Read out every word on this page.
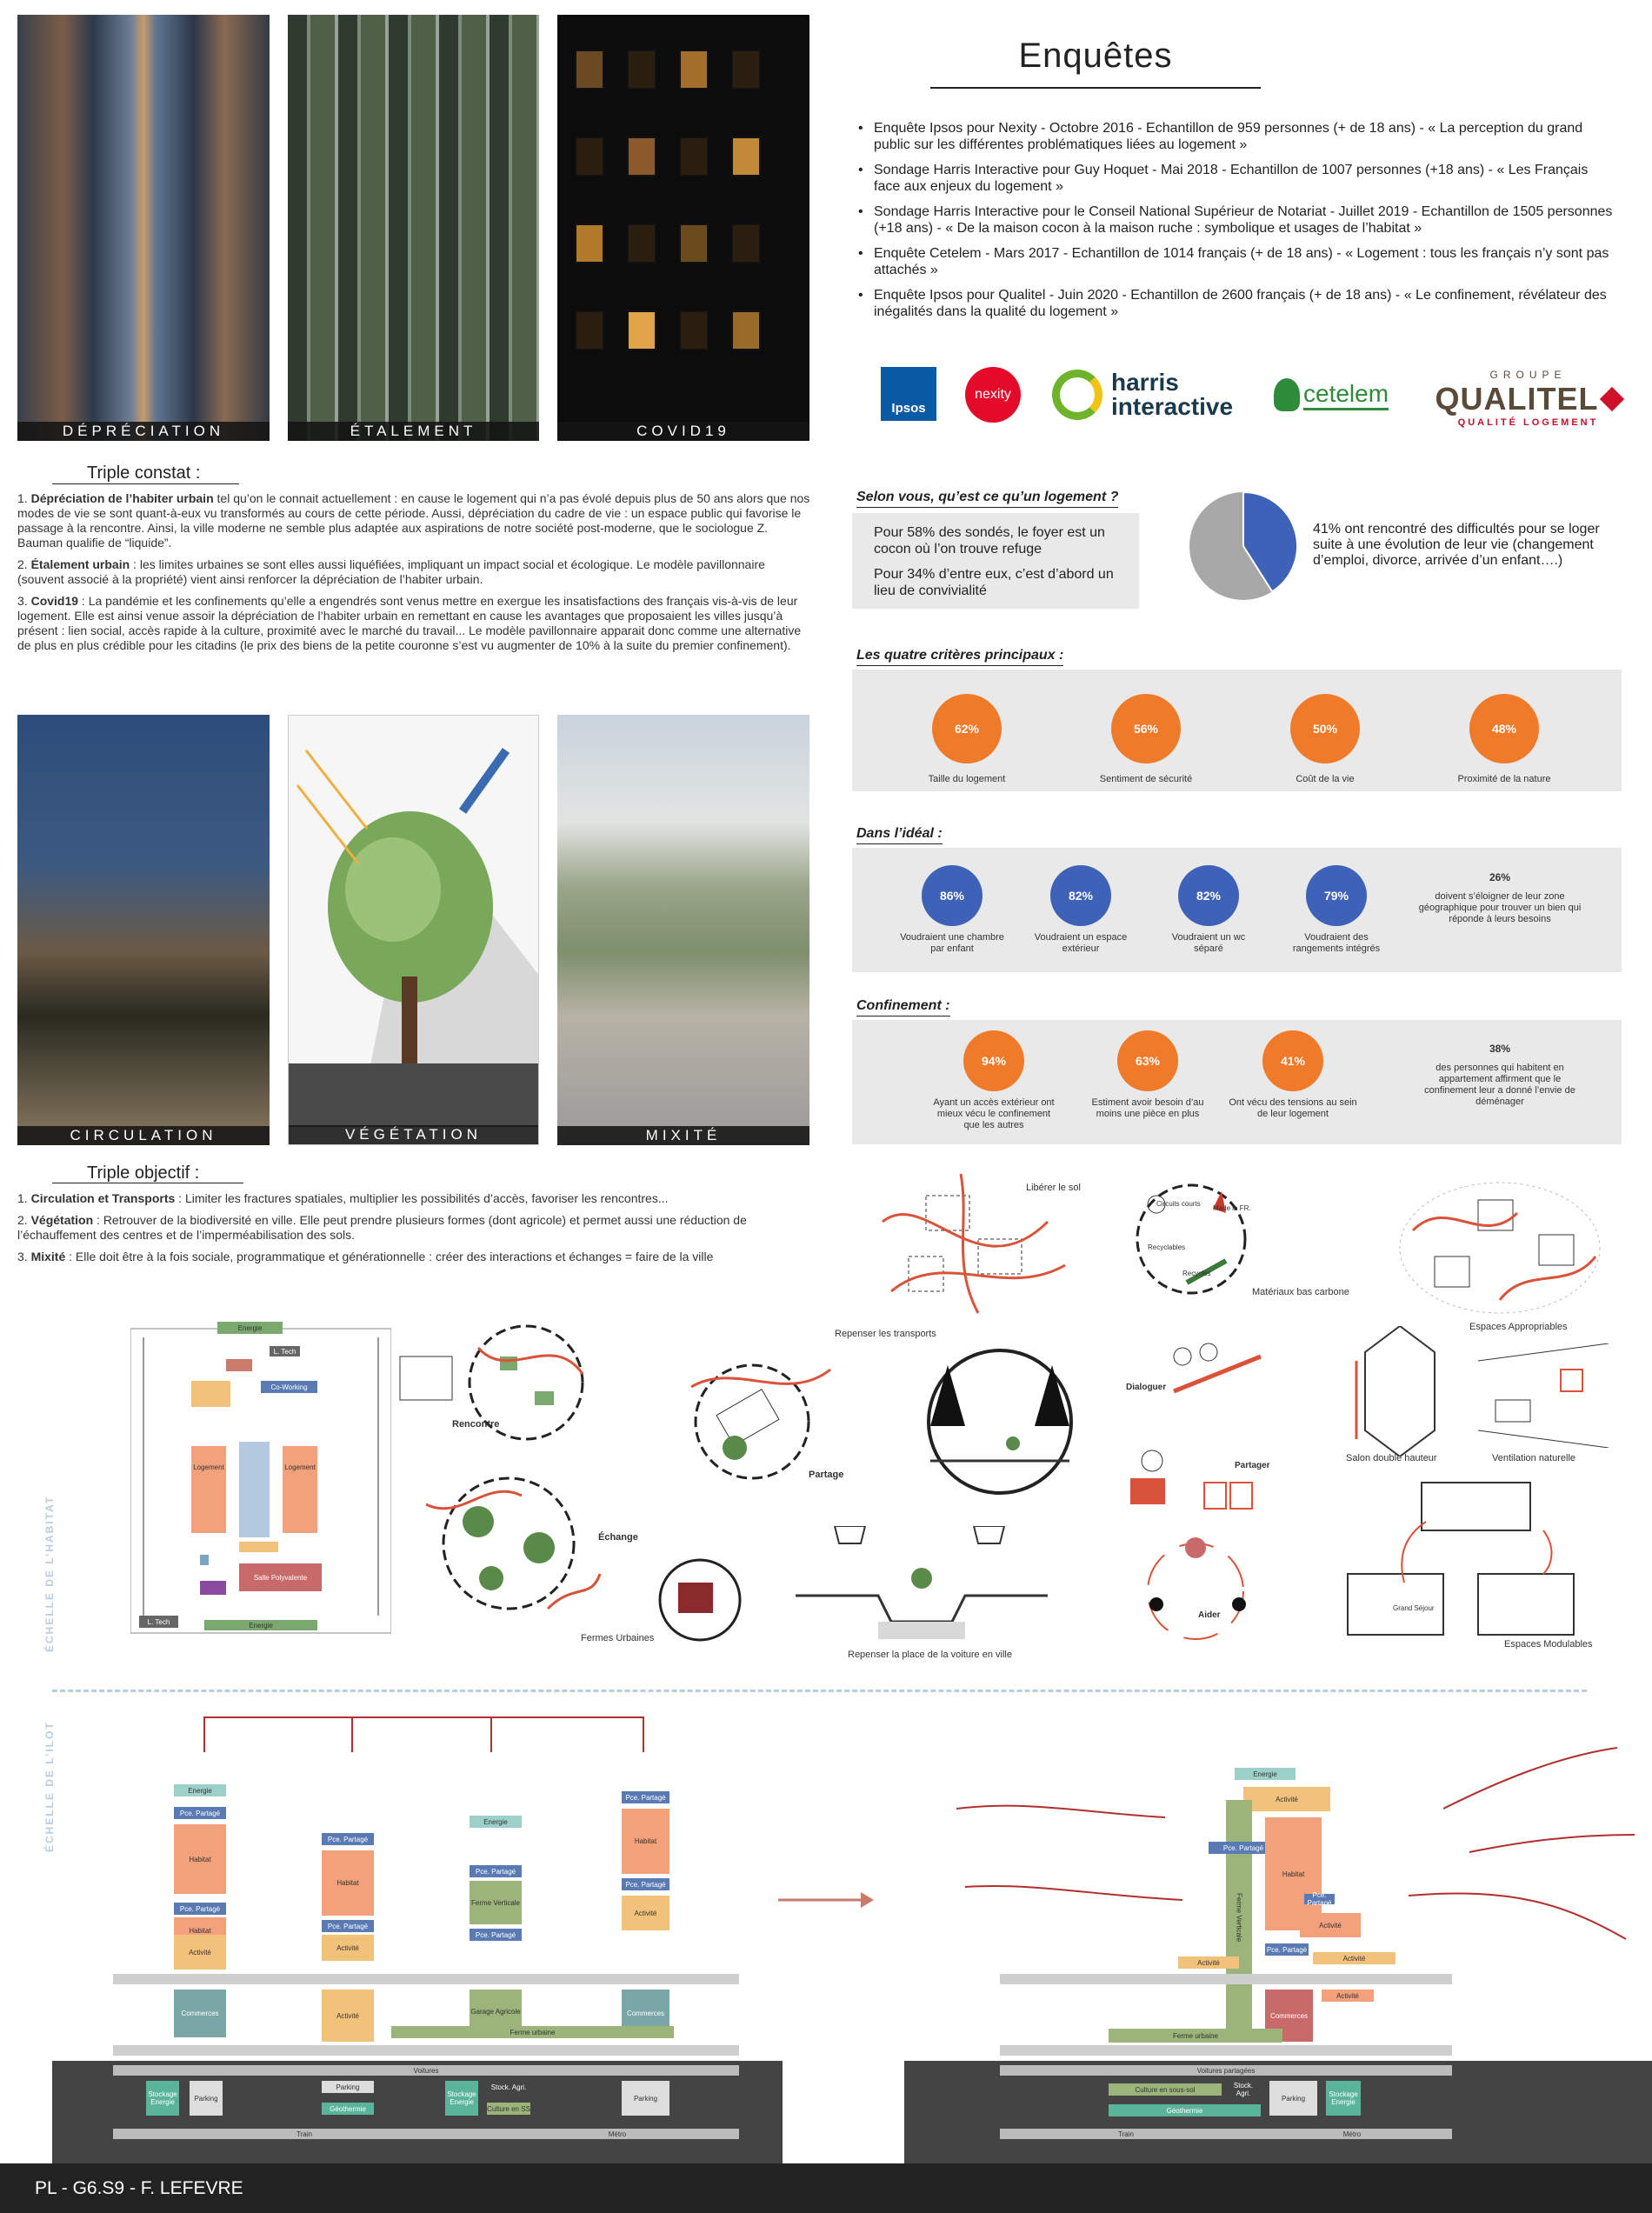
DÉPRÉCIATION	ÉTALEMENT	COVID19
Enquêtes
• Enquête Ipsos pour Nexity - Octobre 2016 - Echantillon de 959 personnes (+ de 18 ans) - « La perception du grand public sur les différentes problématiques liées au logement »
• Sondage Harris Interactive pour Guy Hoquet - Mai 2018 - Echantillon de 1007 personnes (+18 ans) - « Les Français face aux enjeux du logement »
• Sondage Harris Interactive pour le Conseil National Supérieur de Notariat - Juillet 2019 - Echantillon de 1505 personnes (+18 ans) - « De la maison cocon à la maison ruche : symbolique et usages de l’habitat »
• Enquête Cetelem - Mars 2017 - Echantillon de 1014 français (+ de 18 ans) - « Logement : tous les français n’y sont pas attachés »
• Enquête Ipsos pour Qualitel - Juin 2020 - Echantillon de 2600 français (+ de 18 ans) - « Le confinement, révélateur des inégalités dans la qualité du logement »
Ipsos
nexity	harris
interactive	cetelem
GROUPE
QUALITEL
QUALITÉ LOGEMENT
Triple constat :

1. Dépréciation de l’habiter urbain tel qu’on le connait actuellement : en cause le logement qui n’a pas évolé depuis plus de 50 ans alors que nos modes de vie se sont quant-à-eux vu transformés au cours de cette période. Aussi, dépréciation du cadre de vie : un espace public qui favorise le passage à la rencontre. Ainsi, la ville moderne ne semble plus adaptée aux aspirations de notre société post-moderne, que le sociologue Z. Bauman qualifie de “liquide”.

2. Étalement urbain : les limites urbaines se sont elles aussi liquéfiées, impliquant un impact social et écologique. Le modèle pavillonnaire (souvent associé à la propriété) vient ainsi renforcer la dépréciation de l’habiter urbain.

3. Covid19 : La pandémie et les confinements qu’elle a engendrés sont venus mettre en exergue les insatisfactions des français vis-à-vis de leur logement. Elle est ainsi venue assoir la dépréciation de l’habiter urbain en remettant en cause les avantages que proposaient les villes jusqu’à présent : lien social, accès rapide à la culture, proximité avec le marché du travail... Le modèle pavillonnaire apparait donc comme une alternative de plus en plus crédible pour les citadins (le prix des biens de la petite couronne s’est vu augmenter de 10% à la suite du premier confinement).

CIRCULATION	VÉGÉTATION	MIXITÉ
Triple objectif :

1. Circulation et Transports : Limiter les fractures spatiales, multiplier les possibilités d’accès, favoriser les rencontres...

2. Végétation : Retrouver de la biodiversité en ville. Elle peut prendre plusieurs formes (dont agricole) et permet aussi une réduction de l’échauffement des centres et de l’imperméabilisation des sols.

3. Mixité : Elle doit être à la fois sociale, programmatique et générationnelle : créer des interactions et échanges = faire de la ville

Selon vous, qu’est ce qu’un logement ?

Pour 58% des sondés, le foyer est un cocon où l’on trouve refuge

Pour 34% d’entre eux, c’est d’abord un lieu de convivialité

41% ont rencontré des difficultés pour se loger suite à une évolution de leur vie (changement d’emploi, divorce, arrivée d’un enfant….)
Les quatre critères principaux :
62%	56%	50%	48%
Taille du logement	Sentiment de sécurité	Coût de la vie	Proximité de la nature
Dans l’idéal :
86%	82%	82%	79%
Voudraient une chambre par enfant
Voudraient un espace extérieur
Voudraient un wc séparé
Voudraient des rangements intégrés
26%
doivent s’éloigner de leur zone géographique pour trouver un bien qui réponde à leurs besoins
Confinement :
94%	63%	41%
Ayant un accès extérieur ont mieux vécu le confinement que les autres
Estiment avoir besoin d’au moins une pièce en plus
Ont vécu des tensions au sein de leur logement
38%
des personnes qui habitent en appartement affirment que le confinement leur a donné l’envie de déménager
Libérer le sol
Circuits courts
Made in FR.
Recyclables
Recyclés
Matériaux bas carbone
Espaces Appropriables
ÉCHELLE DE L’HABITAT
Energie
L. Tech
Co-Working
Logement	Logement
Salle Polyvalente
L. Tech	Energie
Rencontre
Partage
Repenser les transports
Échange
Fermes Urbaines
Repenser la place de la voiture en ville
Dialoguer
Partager
Aider
Salon double hauteur	Ventilation naturelle
Grand Séjour
Espaces Modulables
ÉCHELLE DE L’ILOT	Energie
Pce. Partagé
Habitat
Pce. Partagé
Habitat
Activité
Commerces
Pce. Partagé
Habitat
Pce. Partagé
Activité
Activité
Energie
Pce. Partagé
Ferme Verticale
Pce. Partagé
Garage Agricole
Pce. Partagé
Habitat
Pce. Partagé
Activité
Commerces
Ferme urbaine
Voitures
Stockage Energie	Parking
Parking
Géothermie
Stockage Energie
Stock. Agri.
Culture en SS
Parking
Train	Métro
Energie
Activité
Ferme Verticale
Pce. Partagé
Habitat
Pce. Partagé
Activité
Pce. Partagé
Activité
Activité
Activité
Commerces
Ferme urbaine
Voitures partagées
Culture en sous-sol	Stock. Agri.
Parking	Stockage Energie
Géothermie
Train	Métro
PL - G6.S9 - F. LEFEVRE
